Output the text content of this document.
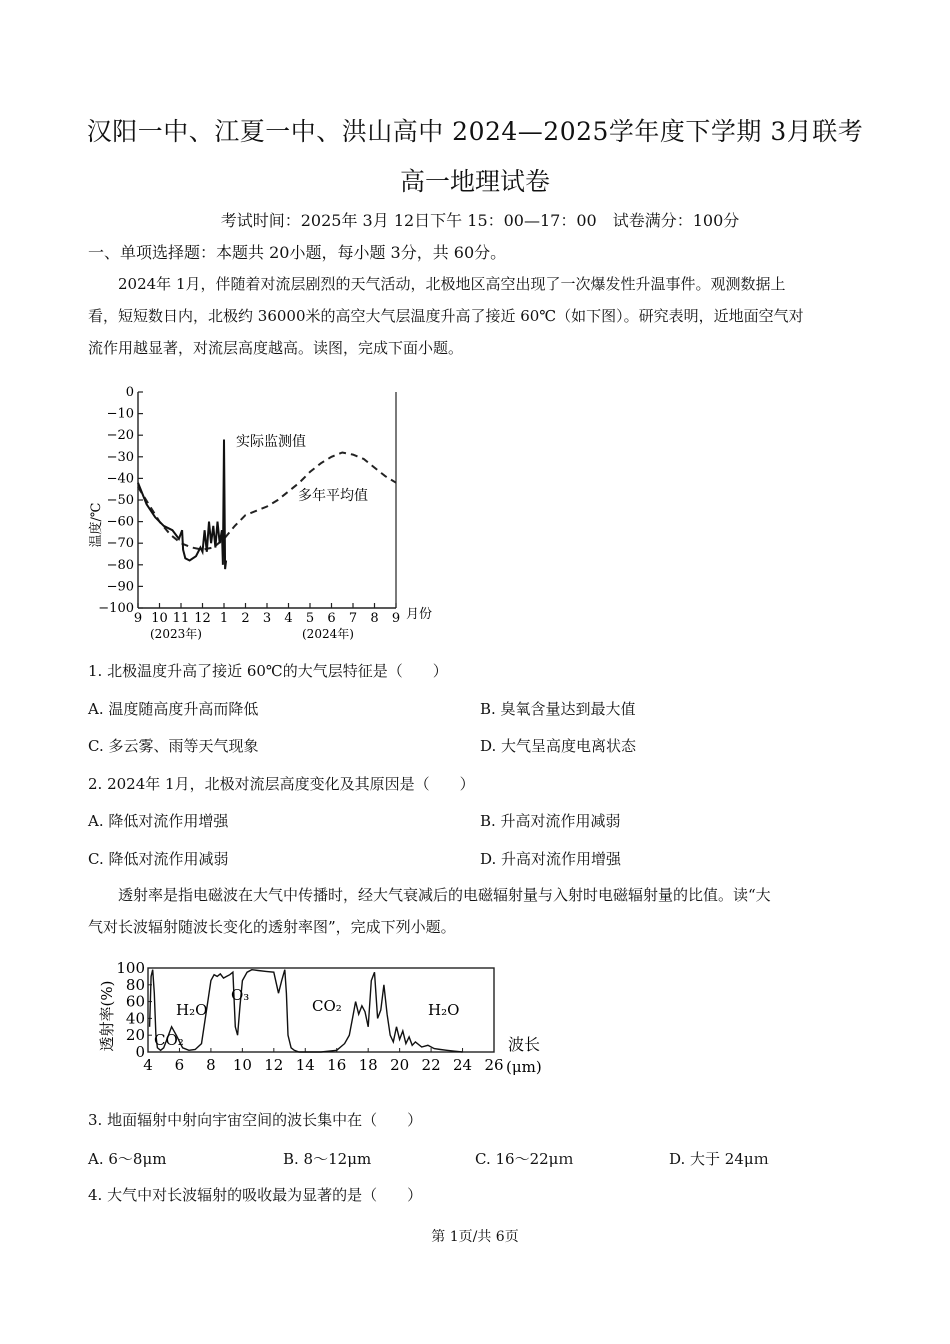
汉阳一中、江夏一中、洪山高中 2024—2025学年度下学期 3月联考
高一地理试卷
考试时间：2025年 3月 12日下午 15：00—17：00　试卷满分：100分
一、单项选择题：本题共 20小题，每小题 3分，共 60分。
2024年 1月，伴随着对流层剧烈的天气活动，北极地区高空出现了一次爆发性升温事件。观测数据上
看，短短数日内，北极约 36000米的高空大气层温度升高了接近 60℃（如下图）。研究表明，近地面空气对
流作用越显著，对流层高度越高。读图，完成下面小题。
0
−10
−20
−30
−40
−50
−60
−70
−80
−90
−100
9 10 11 12 1 2 3 4 5 6 7 8 9
实际监测值
多年平均值
(2023年)	(2024年)
月份
温度/℃
1. 北极温度升高了接近 60℃的大气层特征是（　　）
A. 温度随高度升高而降低	B. 臭氧含量达到最大值
C. 多云雾、雨等天气现象	D. 大气呈高度电离状态
2. 2024年 1月，北极对流层高度变化及其原因是（　　）
A. 降低对流作用增强	B. 升高对流作用减弱
C. 降低对流作用减弱	D. 升高对流作用增强
透射率是指电磁波在大气中传播时，经大气衰减后的电磁辐射量与入射时电磁辐射量的比值。读“大
气对长波辐射随波长变化的透射率图”，完成下列小题。
100
80
60
40
20
0
4 6 8 10 12 14 16 18 20 22 24 26
H₂O
CO₂
O₃
CO₂	H₂O
波长
(μm)
透射率(%)
3. 地面辐射中射向宇宙空间的波长集中在（　　）
A. 6～8μm	B. 8～12μm	C. 16～22μｍ	D. 大于 24μｍ
4. 大气中对长波辐射的吸收最为显著的是（　　）
第 1页/共 6页
